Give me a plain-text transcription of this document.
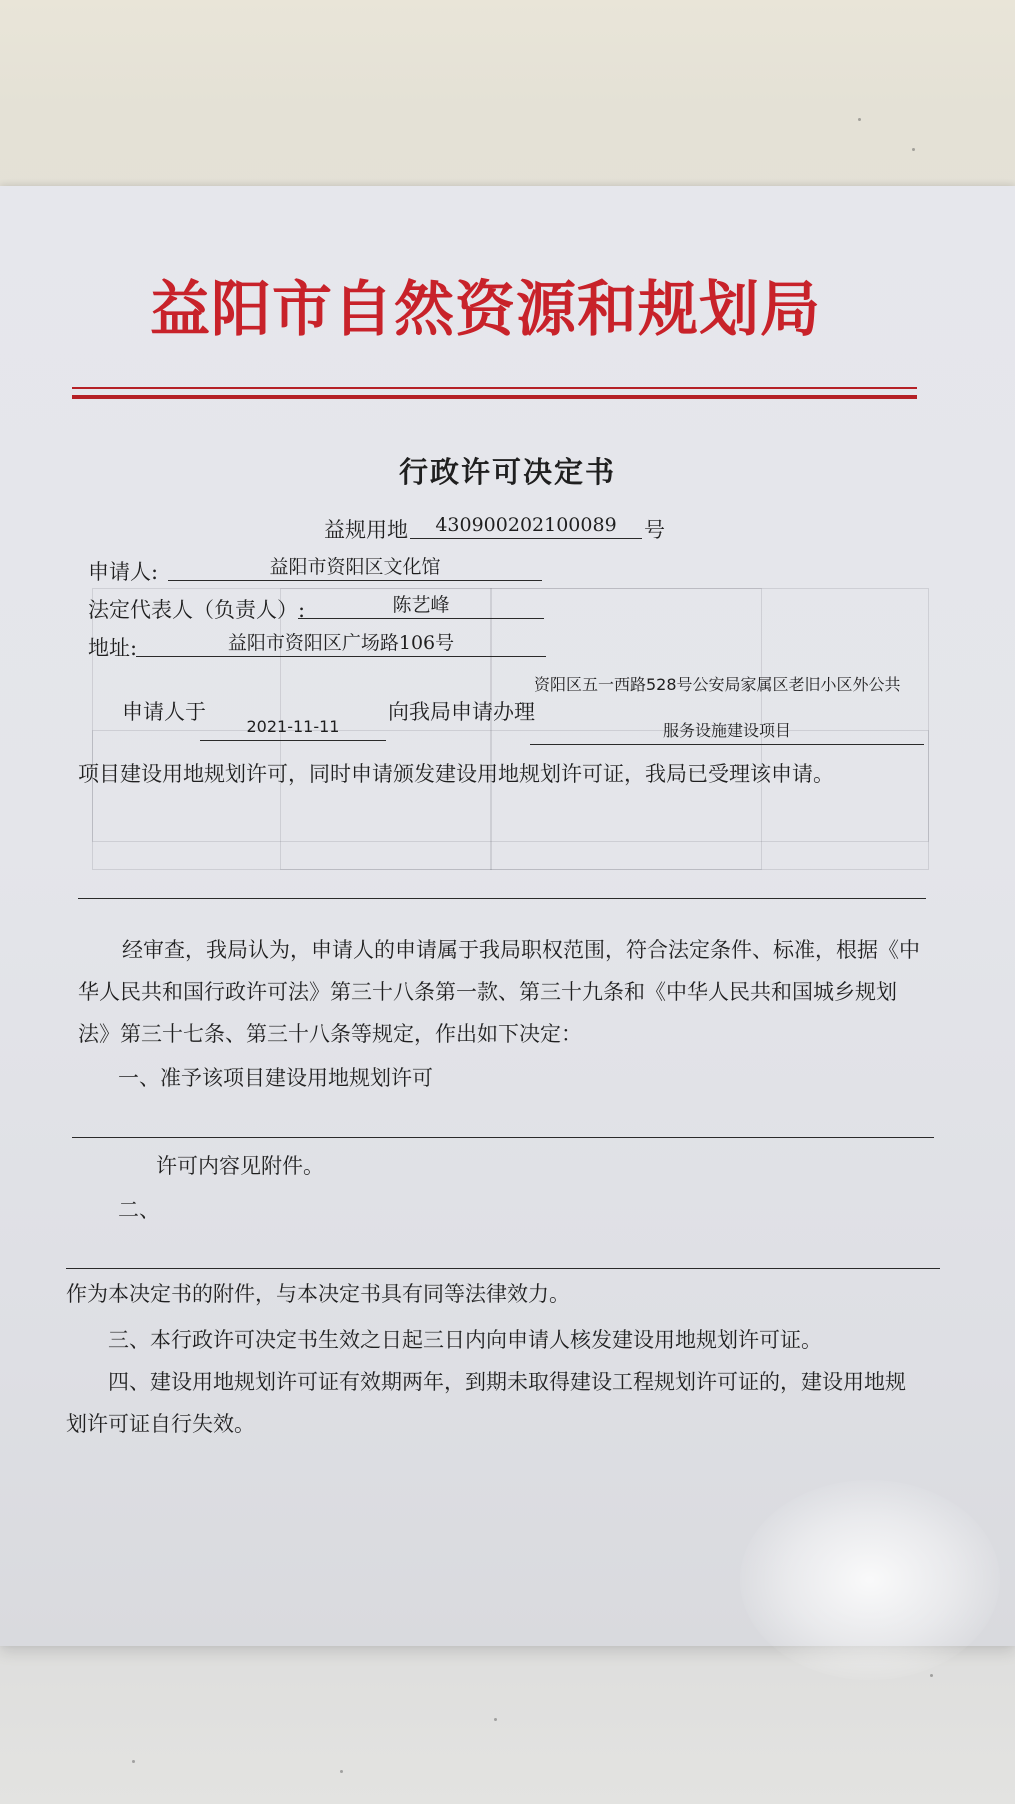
益阳市自然资源和规划局
行政许可决定书
益规用地	430900202100089	号
申请人:	益阳市资阳区文化馆
法定代表人（负责人）:	陈艺峰
地址:	益阳市资阳区广场路106号
申请人于
2021-11-11
向我局申请办理
资阳区五一西路528号公安局家属区老旧小区外公共
服务设施建设项目
项目建设用地规划许可，同时申请颁发建设用地规划许可证，我局已受理该申请。
经审查，我局认为，申请人的申请属于我局职权范围，符合法定条件、标准，根据《中
华人民共和国行政许可法》第三十八条第一款、第三十九条和《中华人民共和国城乡规划
法》第三十七条、第三十八条等规定，作出如下决定：
一、准予该项目建设用地规划许可
许可内容见附件。
二、
作为本决定书的附件，与本决定书具有同等法律效力。
三、本行政许可决定书生效之日起三日内向申请人核发建设用地规划许可证。
四、建设用地规划许可证有效期两年，到期未取得建设工程规划许可证的，建设用地规
划许可证自行失效。
